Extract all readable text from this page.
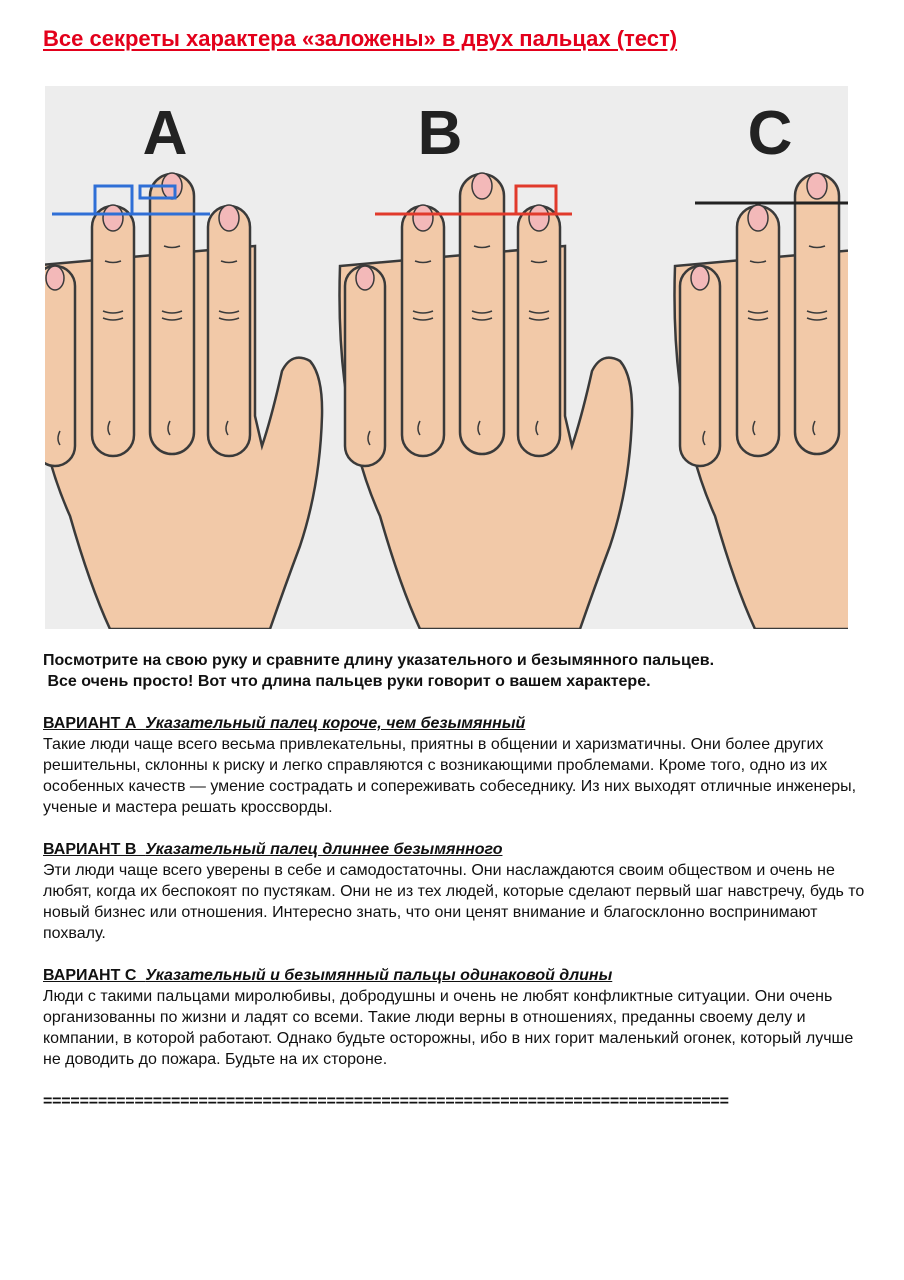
Все секреты характера «заложены» в двух пальцах (тест)
A	B	C

Посмотрите на свою руку и сравните длину указательного и безымянного пальцев.

Все очень просто! Вот что длина пальцев руки говорит о вашем характере.

ВАРИАНТ А  Указательный палец короче, чем безымянный

Такие люди чаще всего весьма привлекательны, приятны в общении и харизматичны. Они более других решительны, склонны к риску и легко справляются с возникающими проблемами. Кроме того, одно из их особенных качеств — умение сострадать и сопереживать собеседнику. Из них выходят отличные инженеры, ученые и мастера решать кроссворды.

ВАРИАНТ В  Указательный палец длиннее безымянного

Эти люди чаще всего уверены в себе и самодостаточны. Они наслаждаются своим обществом и очень не любят, когда их беспокоят по пустякам. Они не из тех людей, которые сделают первый шаг навстречу, будь то новый бизнес или отношения. Интересно знать, что они ценят внимание и благосклонно воспринимают похвалу.

ВАРИАНТ С  Указательный и безымянный пальцы одинаковой длины

Люди с такими пальцами миролюбивы, добродушны и очень не любят конфликтные ситуации. Они очень организованны по жизни и ладят со всеми. Такие люди верны в отношениях, преданны своему делу и компании, в которой работают. Однако будьте осторожны, ибо в них горит маленький огонек, который лучше не доводить до пожара. Будьте на их стороне.

===========================================================================
